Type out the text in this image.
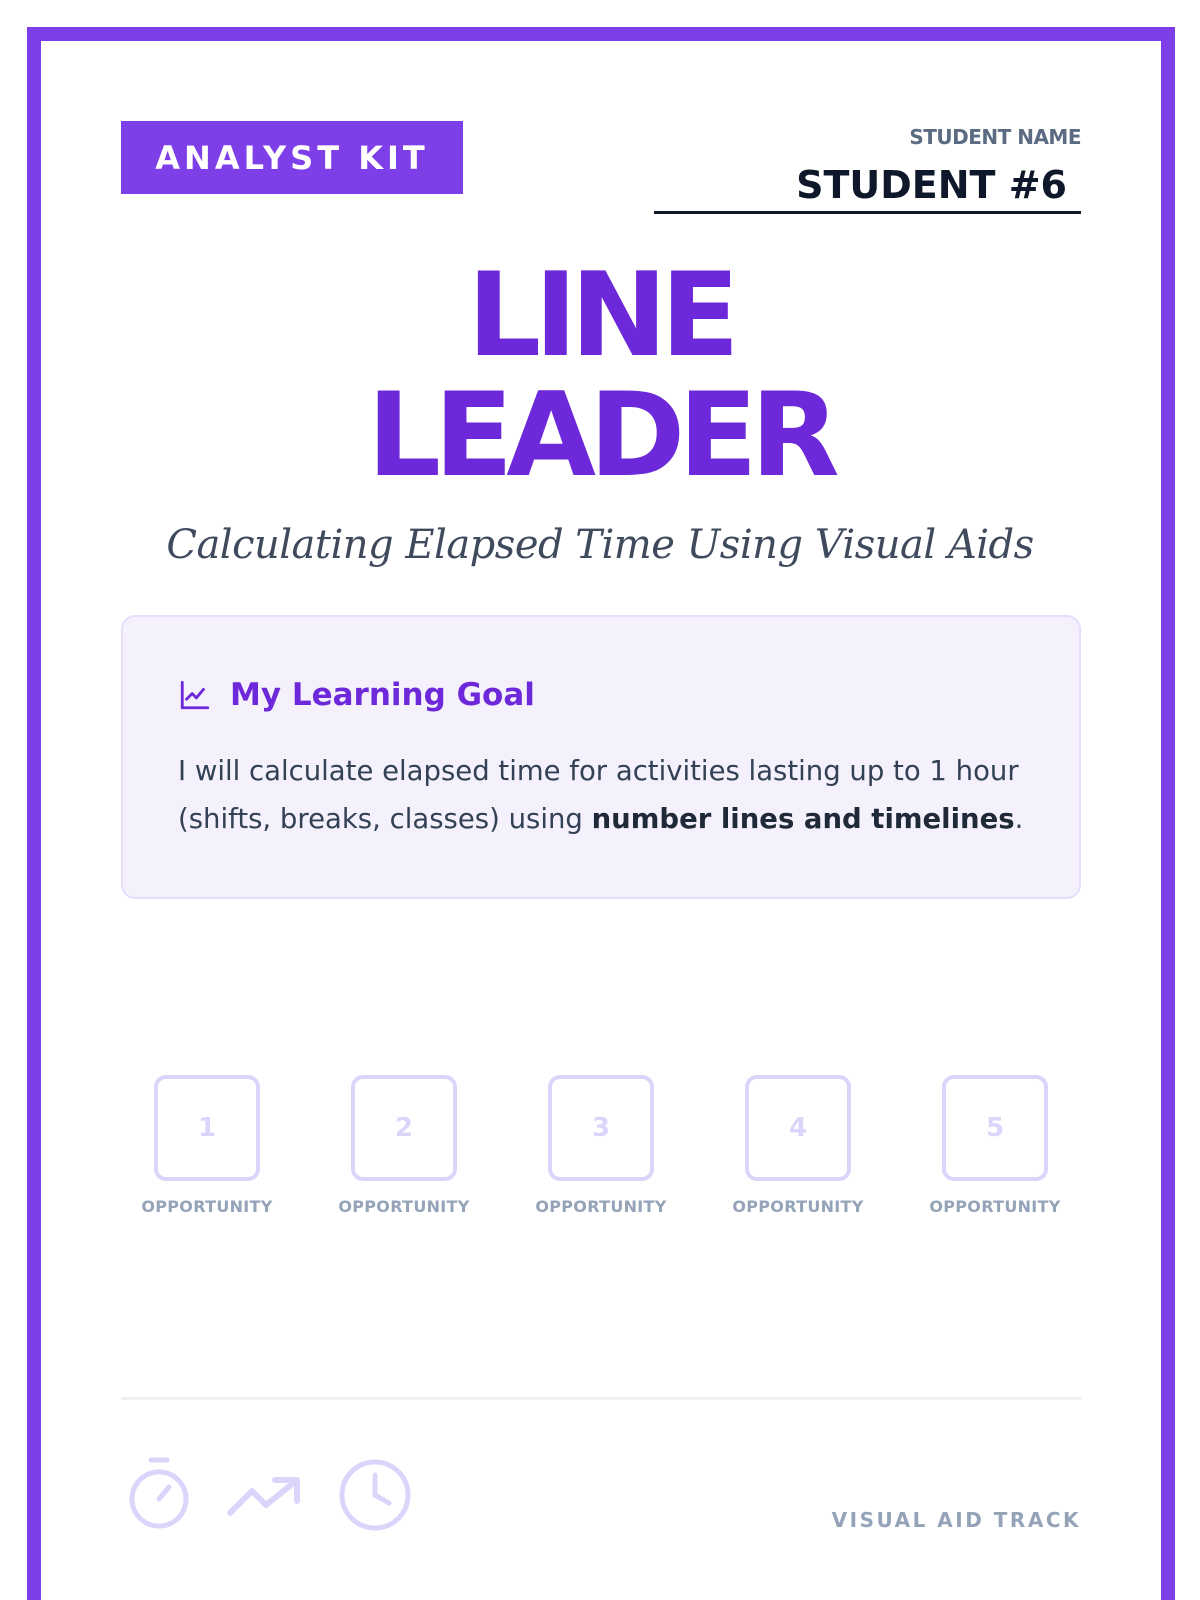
ANALYST KIT
STUDENT NAME
STUDENT #6
LINE
LEADER
Calculating Elapsed Time Using Visual Aids
My Learning Goal
I will calculate elapsed time for activities lasting up to 1 hour (shifts, breaks, classes) using number lines and timelines.
1
OPPORTUNITY
2
OPPORTUNITY
3
OPPORTUNITY
4
OPPORTUNITY
5
OPPORTUNITY
VISUAL AID TRACK
